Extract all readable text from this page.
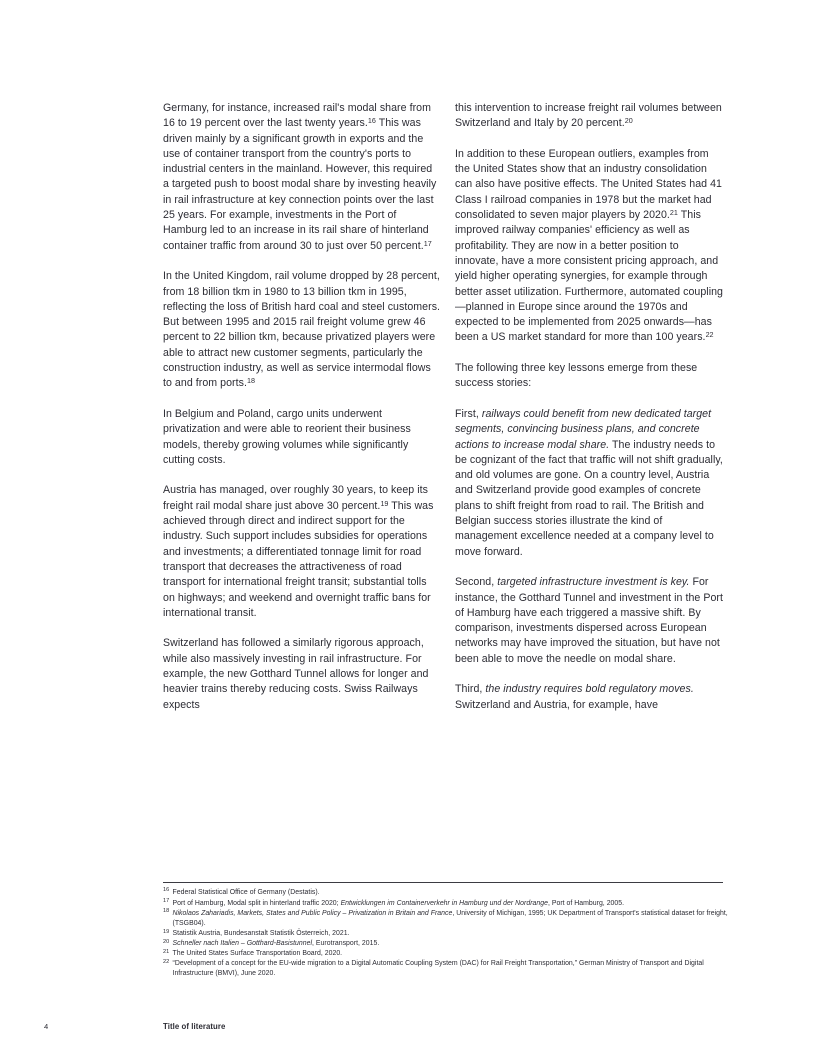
Germany, for instance, increased rail's modal share from 16 to 19 percent over the last twenty years.$^{16}$ This was driven mainly by a significant growth in exports and the use of container transport from the country's ports to industrial centers in the mainland. However, this required a targeted push to boost modal share by investing heavily in rail infrastructure at key connection points over the last 25 years. For example, investments in the Port of Hamburg led to an increase in its rail share of hinterland container traffic from around 30 to just over 50 percent.$^{17}$

In the United Kingdom, rail volume dropped by 28 percent, from 18 billion tkm in 1980 to 13 billion tkm in 1995, reflecting the loss of British hard coal and steel customers. But between 1995 and 2015 rail freight volume grew 46 percent to 22 billion tkm, because privatized players were able to attract new customer segments, particularly the construction industry, as well as service intermodal flows to and from ports.$^{18}$

In Belgium and Poland, cargo units underwent privatization and were able to reorient their business models, thereby growing volumes while significantly cutting costs.

Austria has managed, over roughly 30 years, to keep its freight rail modal share just above 30 percent.$^{19}$ This was achieved through direct and indirect support for the industry. Such support includes subsidies for operations and investments; a differentiated tonnage limit for road transport that decreases the attractiveness of road transport for international freight transit; substantial tolls on highways; and weekend and overnight traffic bans for international transit.

Switzerland has followed a similarly rigorous approach, while also massively investing in rail infrastructure. For example, the new Gotthard Tunnel allows for longer and heavier trains thereby reducing costs. Swiss Railways expects

this intervention to increase freight rail volumes between Switzerland and Italy by 20 percent.$^{20}$

In addition to these European outliers, examples from the United States show that an industry consolidation can also have positive effects. The United States had 41 Class I railroad companies in 1978 but the market had consolidated to seven major players by 2020.21 This improved railway companies' efficiency as well as profitability. They are now in a better position to innovate, have a more consistent pricing approach, and yield higher operating synergies, for example through better asset utilization. Furthermore, automated coupling—planned in Europe since around the 1970s and expected to be implemented from 2025 onwards—has been a US market standard for more than 100 years.$^{22}$

The following three key lessons emerge from these success stories:

First, railways could benefit from new dedicated target segments, convincing business plans, and concrete actions to increase modal share. The industry needs to be cognizant of the fact that traffic will not shift gradually, and old volumes are gone. On a country level, Austria and Switzerland provide good examples of concrete plans to shift freight from road to rail. The British and Belgian success stories illustrate the kind of management excellence needed at a company level to move forward.

Second, targeted infrastructure investment is key. For instance, the Gotthard Tunnel and investment in the Port of Hamburg have each triggered a massive shift. By comparison, investments dispersed across European networks may have improved the situation, but have not been able to move the needle on modal share.

Third, the industry requires bold regulatory moves. Switzerland and Austria, for example, have

16 Federal Statistical Office of Germany (Destatis).
17 Port of Hamburg, Modal split in hinterland traffic 2020; Entwicklungen im Containerverkehr in Hamburg und der Nordrange, Port of Hamburg, 2005.
18 Nikolaos Zahariadis, Markets, States and Public Policy – Privatization in Britain and France, University of Michigan, 1995; UK Department of Transport's statistical dataset for freight, (TSGB04).
19 Statistik Austria, Bundesanstalt Statistik Österreich, 2021.
20 Schneller nach Italien – Gotthard-Basistunnel, Eurotransport, 2015.
21 The United States Surface Transportation Board, 2020.
22 “Development of a concept for the EU-wide migration to a Digital Automatic Coupling System (DAC) for Rail Freight Transportation,” German Ministry of Transport and Digital Infrastructure (BMVI), June 2020.
4	Title of literature
